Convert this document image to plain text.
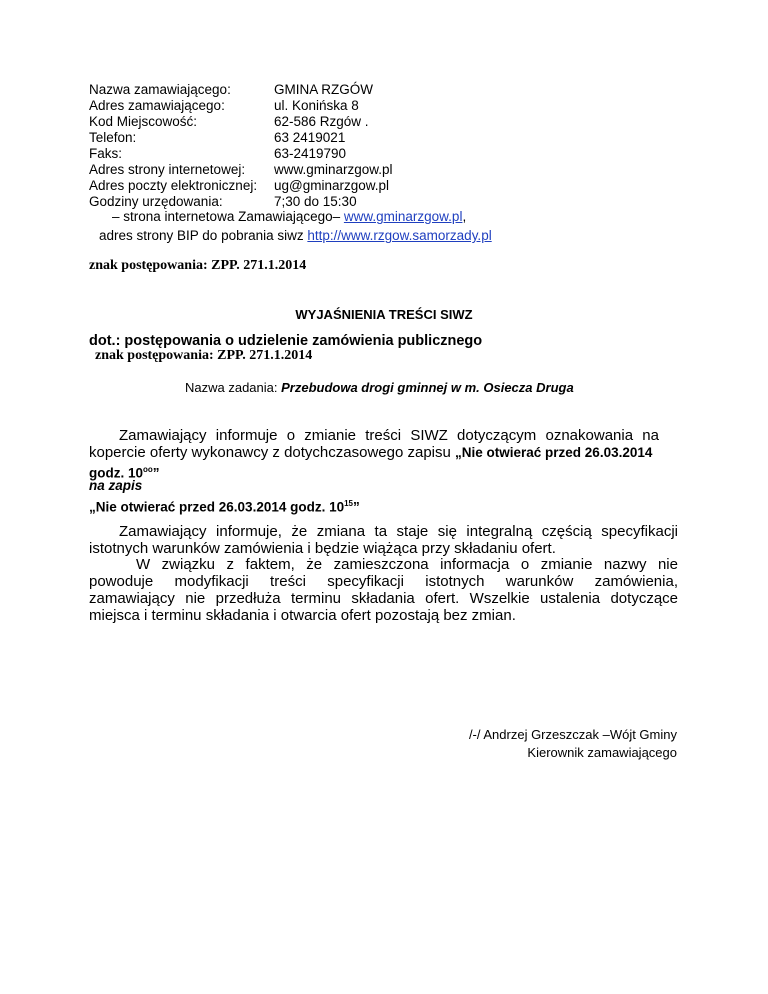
Nazwa zamawiającego:	GMINA RZGÓW
Adres zamawiającego:	ul. Konińska 8
Kod Miejscowość:	62-586 Rzgów .
Telefon:	63 2419021
Faks:	63-2419790
Adres strony internetowej: www.gminarzgow.pl
Adres poczty elektronicznej: ug@gminarzgow.pl
Godziny urzędowania:	7;30 do 15:30
– strona internetowa Zamawiającego– www.gminarzgow.pl,
adres strony BIP do pobrania siwz http://www.rzgow.samorzady.pl
znak postępowania: ZPP. 271.1.2014
WYJAŚNIENIA TREŚCI SIWZ
dot.: postępowania o udzielenie zamówienia publicznego
znak postępowania: ZPP. 271.1.2014
Nazwa zadania: Przebudowa drogi gminnej w m. Osiecza Druga
Zamawiający informuje o zmianie treści SIWZ dotyczącym oznakowania na
kopercie oferty wykonawcy z dotychczasowego zapisu „Nie otwierać przed 26.03.2014
godz. $10^{oo}$”
na zapis
„Nie otwierać przed 26.03.2014 godz. $10^{15}$”
Zamawiający informuje, że zmiana ta staje się integralną częścią specyfikacji
istotnych warunków zamówienia i będzie wiążąca przy składaniu ofert.
W związku z faktem, że zamieszczona informacja o zmianie nazwy nie
powoduje modyfikacji treści specyfikacji istotnych warunków zamówienia,
zamawiający nie przedłuża terminu składania ofert. Wszelkie ustalenia dotyczące
miejsca i terminu składania i otwarcia ofert pozostają bez zmian.
/-/ Andrzej Grzeszczak –Wójt Gminy
Kierownik zamawiającego
